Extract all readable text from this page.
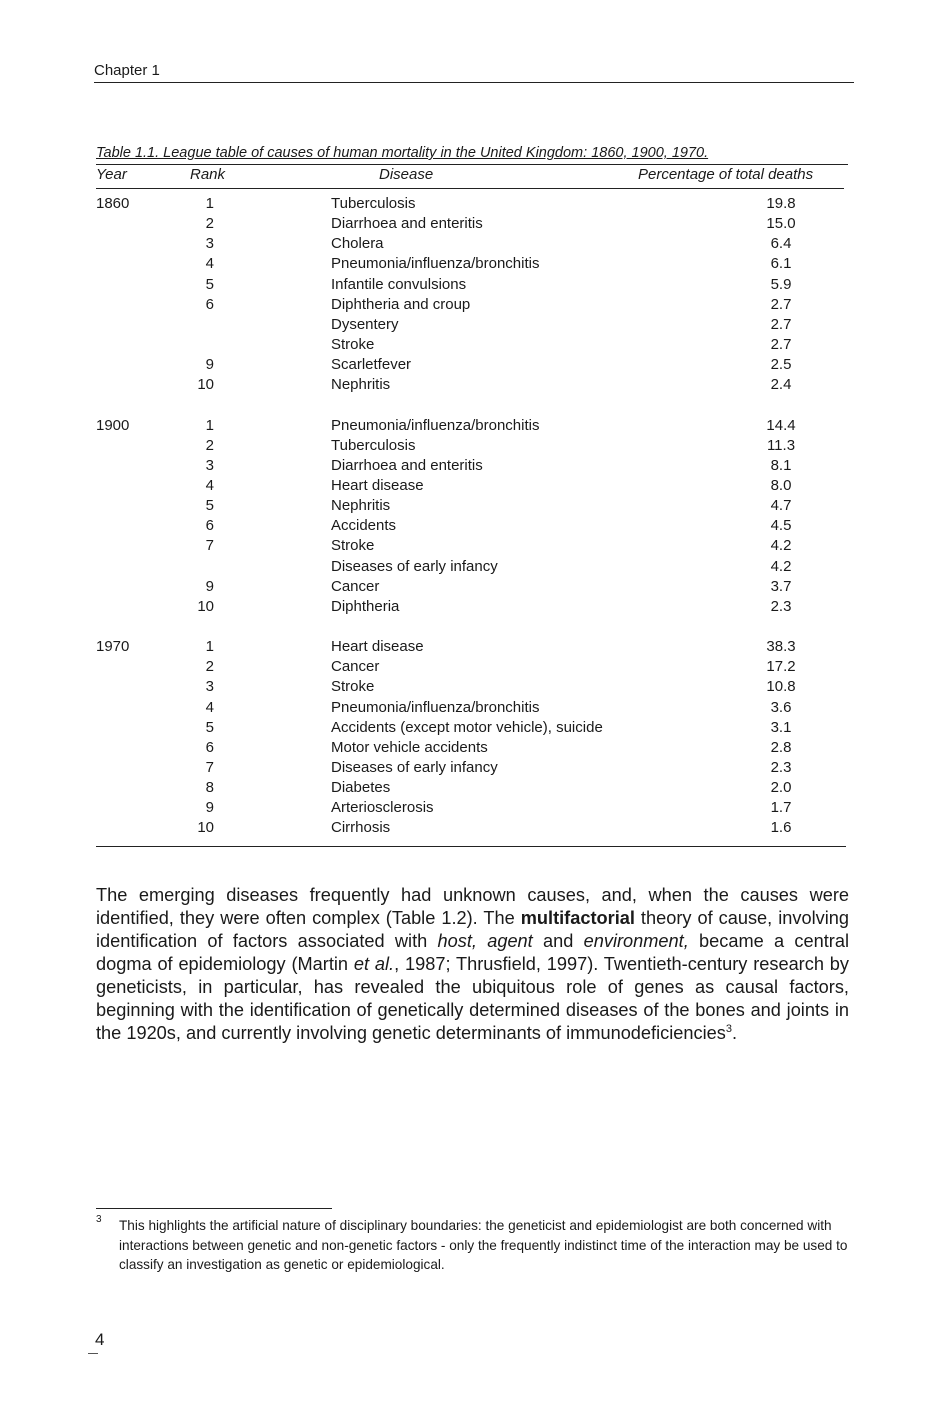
Chapter 1
Table 1.1. League table of causes of human mortality in the United Kingdom: 1860, 1900, 1970.
Year	Rank	Disease	Percentage of total deaths
1860	1	Tuberculosis	19.8
2	Diarrhoea and enteritis	15.0
3	Cholera	6.4
4	Pneumonia/influenza/bronchitis	6.1
5	Infantile convulsions	5.9
6	Diphtheria and croup	2.7
Dysentery	2.7
Stroke	2.7
9	Scarletfever	2.5
10	Nephritis	2.4
1900	1	Pneumonia/influenza/bronchitis	14.4
2	Tuberculosis	11.3
3	Diarrhoea and enteritis	8.1
4	Heart disease	8.0
5	Nephritis	4.7
6	Accidents	4.5
7	Stroke	4.2
Diseases of early infancy	4.2
9	Cancer	3.7
10	Diphtheria	2.3
1970	1	Heart disease	38.3
2	Cancer	17.2
3	Stroke	10.8
4	Pneumonia/influenza/bronchitis	3.6
5	Accidents (except motor vehicle), suicide	3.1
6	Motor vehicle accidents	2.8
7	Diseases of early infancy	2.3
8	Diabetes	2.0
9	Arteriosclerosis	1.7
10	Cirrhosis	1.6

The emerging diseases frequently had unknown causes, and, when the causes were identified, they were often complex (Table 1.2). The multifactorial theory of cause, involving identification of factors associated with host, agent and environment, became a central dogma of epidemiology (Martin et al., 1987; Thrusfield, 1997). Twentieth-century research by geneticists, in particular, has revealed the ubiquitous role of genes as causal factors, beginning with the identification of genetically determined diseases of the bones and joints in the 1920s, and currently involving genetic determinants of immunodeficiencies$^3$.

3 This highlights the artificial nature of disciplinary boundaries: the geneticist and epidemiologist are both concerned with interactions between genetic and non-genetic factors - only the frequently indistinct time of the interaction may be used to classify an investigation as genetic or epidemiological.
4
